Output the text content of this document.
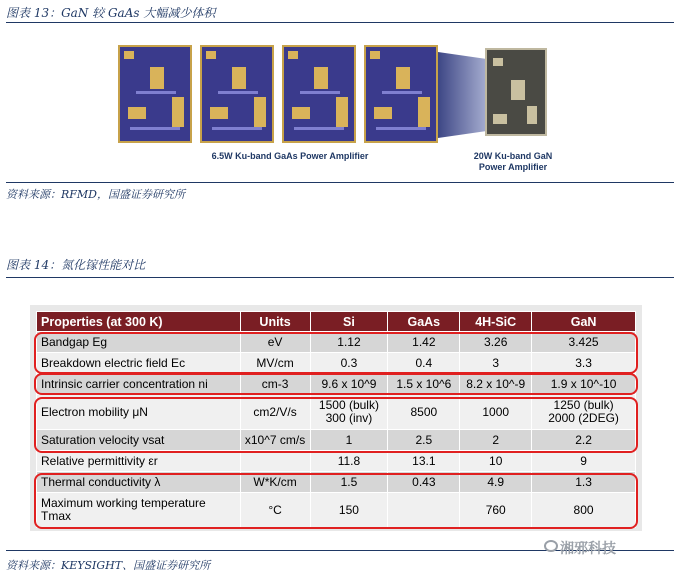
图表 13：GaN 较 GaAs 大幅减少体积
6.5W Ku-band GaAs Power Amplifier	20W Ku-band GaN
Power Amplifier
资料来源：RFMD，国盛证券研究所
图表 14：氮化镓性能对比
Properties (at 300 K)	Units	Si	GaAs	4H-SiC	GaN
Bandgap Eg	eV	1.12	1.42	3.26	3.425
Breakdown electric field Ec	MV/cm	0.3	0.4	3	3.3
Intrinsic carrier concentration ni	cm-3	9.6 x 10^9	1.5 x 10^6	8.2 x 10^-9	1.9 x 10^-10
Electron mobility μN	cm2/V/s	1500 (bulk)
300 (inv)	8500	1000	1250 (bulk)
2000 (2DEG)
Saturation velocity vsat	x10^7 cm/s	1	2.5	2	2.2
Relative permittivity εr		11.8	13.1	10	9
Thermal conductivity λ	W*K/cm	1.5	0.43	4.9	1.3
Maximum working temperature
Tmax	°C	150		760	800
资料来源：KEYSIGHT、国盛证券研究所
湘邪科技
